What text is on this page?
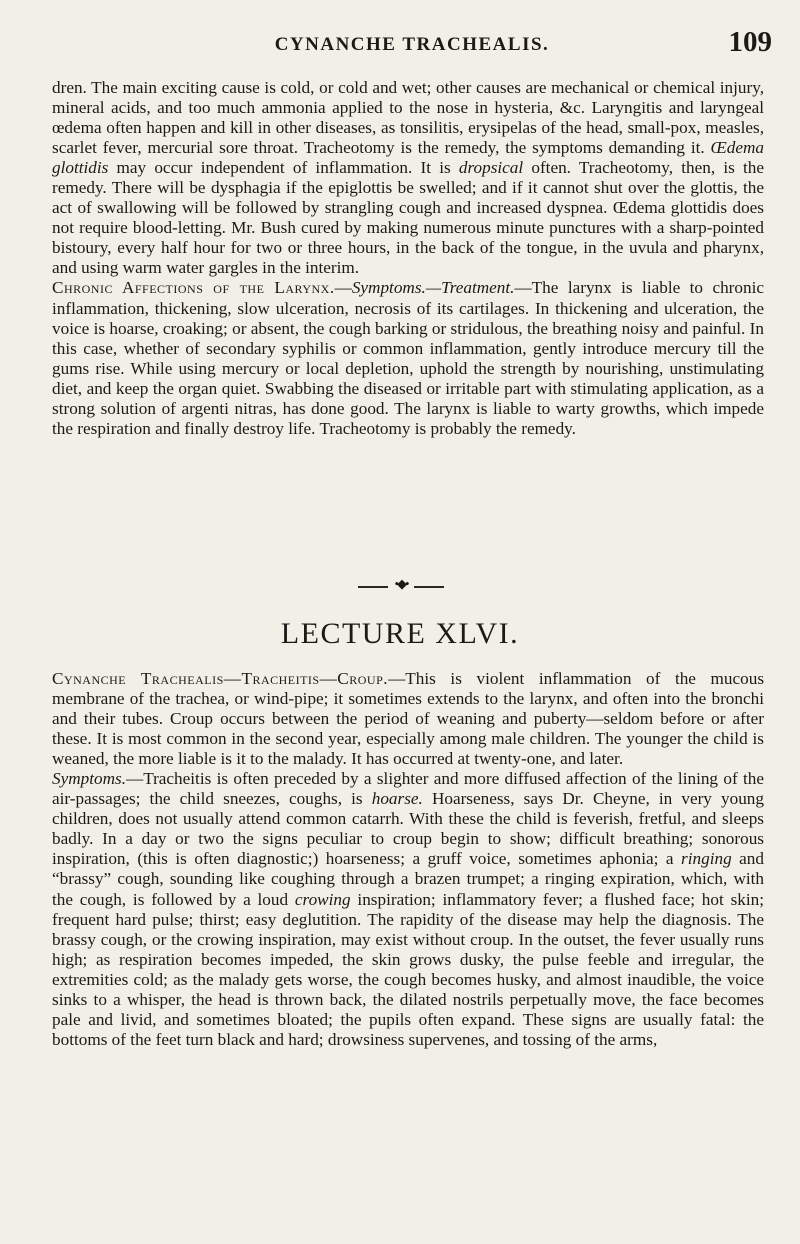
CYNANCHE TRACHEALIS.	109

dren. The main exciting cause is cold, or cold and wet; other causes are mechanical or chemical injury, mineral acids, and too much ammonia applied to the nose in hysteria, &c. Laryngitis and laryngeal œdema often happen and kill in other diseases, as tonsilitis, erysipelas of the head, small-pox, measles, scarlet fever, mercurial sore throat. Tracheotomy is the remedy, the symptoms demanding it. Œdema glottidis may occur independent of inflammation. It is dropsical often. Tracheotomy, then, is the remedy. There will be dysphagia if the epiglottis be swelled; and if it cannot shut over the glottis, the act of swallowing will be followed by strangling cough and increased dyspnea. Œdema glottidis does not require blood-letting. Mr. Bush cured by making numerous minute punctures with a sharp-pointed bistoury, every half hour for two or three hours, in the back of the tongue, in the uvula and pharynx, and using warm water gargles in the interim.

Chronic Affections of the Larynx.—Symptoms.—Treatment.—The larynx is liable to chronic inflammation, thickening, slow ulceration, necrosis of its cartilages. In thickening and ulceration, the voice is hoarse, croaking; or absent, the cough barking or stridulous, the breathing noisy and painful. In this case, whether of secondary syphilis or common inflammation, gently introduce mercury till the gums rise. While using mercury or local depletion, uphold the strength by nourishing, unstimulating diet, and keep the organ quiet. Swabbing the diseased or irritable part with stimulating application, as a strong solution of argenti nitras, has done good. The larynx is liable to warty growths, which impede the respiration and finally destroy life. Tracheotomy is probably the remedy.

•◆•
LECTURE XLVI.

Cynanche Trachealis—Tracheitis—Croup.—This is violent inflammation of the mucous membrane of the trachea, or wind-pipe; it sometimes extends to the larynx, and often into the bronchi and their tubes. Croup occurs between the period of weaning and puberty—seldom before or after these. It is most common in the second year, especially among male children. The younger the child is weaned, the more liable is it to the malady. It has occurred at twenty-one, and later.

Symptoms.—Tracheitis is often preceded by a slighter and more diffused affection of the lining of the air-passages; the child sneezes, coughs, is hoarse. Hoarseness, says Dr. Cheyne, in very young children, does not usually attend common catarrh. With these the child is feverish, fretful, and sleeps badly. In a day or two the signs peculiar to croup begin to show; difficult breathing; sonorous inspiration, (this is often diagnostic;) hoarseness; a gruff voice, sometimes aphonia; a ringing and “brassy” cough, sounding like coughing through a brazen trumpet; a ringing expiration, which, with the cough, is followed by a loud crowing inspiration; inflammatory fever; a flushed face; hot skin; frequent hard pulse; thirst; easy deglutition. The rapidity of the disease may help the diagnosis. The brassy cough, or the crowing inspiration, may exist without croup. In the outset, the fever usually runs high; as respiration becomes impeded, the skin grows dusky, the pulse feeble and irregular, the extremities cold; as the malady gets worse, the cough becomes husky, and almost inaudible, the voice sinks to a whisper, the head is thrown back, the dilated nostrils perpetually move, the face becomes pale and livid, and sometimes bloated; the pupils often expand. These signs are usually fatal: the bottoms of the feet turn black and hard; drowsiness supervenes, and tossing of the arms,
